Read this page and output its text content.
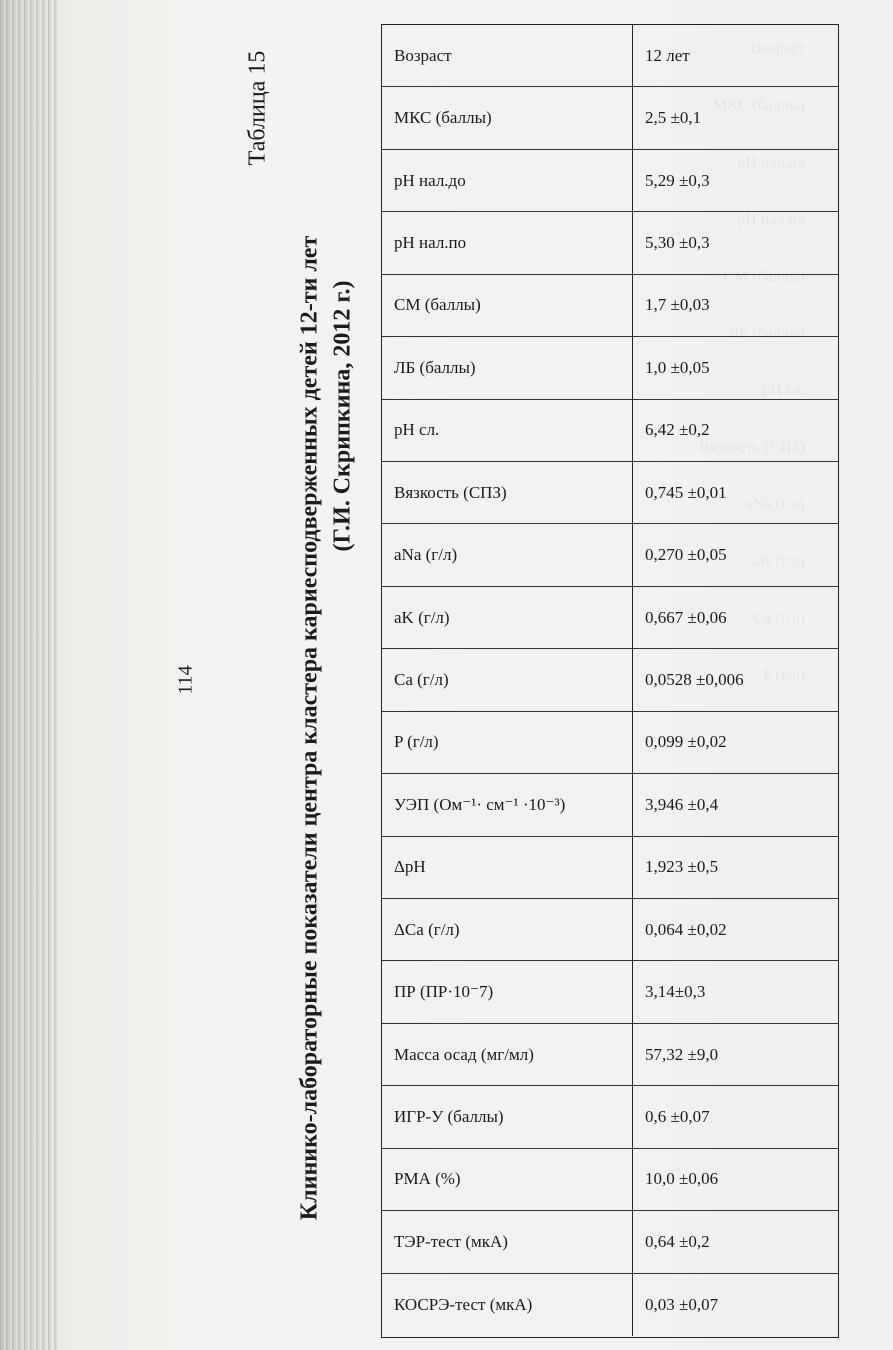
Возраст
МКС (баллы)
pH нал.до
pH нал.по
СМ (баллы)
ЛБ (баллы)
pH сл.
Вязкость (СПЗ)
aNa (г/л)
aK (г/л)
Ca (г/л)
P (г/л)
Таблица 15
Клинико-лабораторные показатели центра кластера кариесподверженных детей 12-ти лет (Г.И. Скрипкина, 2012 г.)
114
Возраст	12 лет
МКС (баллы)	2,5 ±0,1
pH нал.до	5,29 ±0,3
pH нал.по	5,30 ±0,3
СМ (баллы)	1,7 ±0,03
ЛБ (баллы)	1,0 ±0,05
pH сл.	6,42 ±0,2
Вязкость (СПЗ)	0,745 ±0,01
aNa (г/л)	0,270 ±0,05
aK (г/л)	0,667 ±0,06
Ca (г/л)	0,0528 ±0,006
P (г/л)	0,099 ±0,02
УЭП (Ом⁻¹· см⁻¹ ·10⁻³)	3,946 ±0,4
ΔpH	1,923 ±0,5
ΔCa (г/л)	0,064 ±0,02
ПР (ПР·10⁻7)	3,14±0,3
Масса осад (мг/мл)	57,32 ±9,0
ИГР-У (баллы)	0,6 ±0,07
РМА (%)	10,0 ±0,06
ТЭР-тест (мкА)	0,64 ±0,2
КОСРЭ-тест (мкА)	0,03 ±0,07
